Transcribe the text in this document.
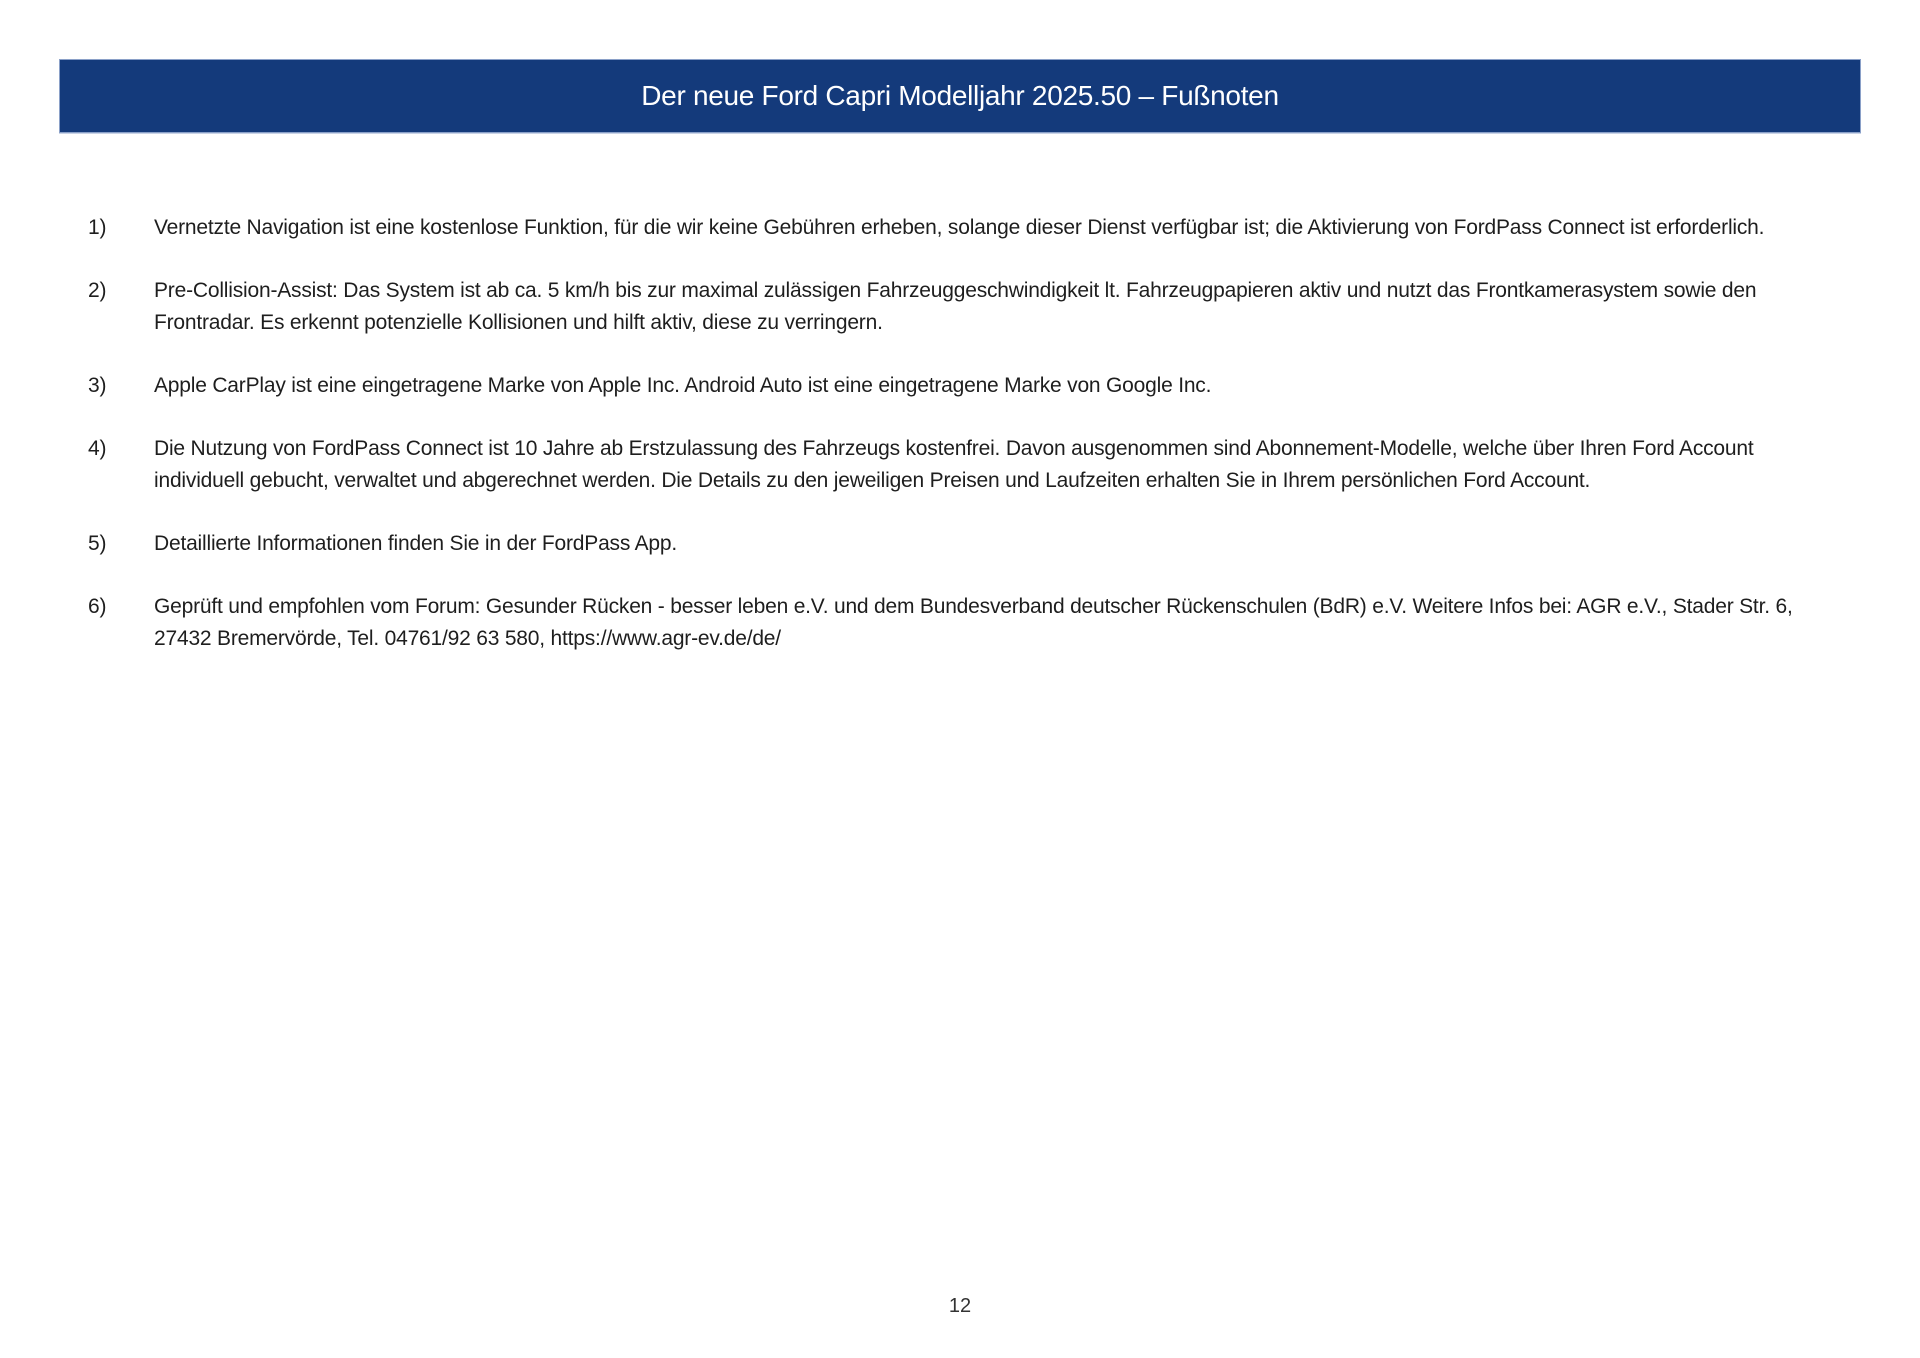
Der neue Ford Capri Modelljahr 2025.50 – Fußnoten
1)	Vernetzte Navigation ist eine kostenlose Funktion, für die wir keine Gebühren erheben, solange dieser Dienst verfügbar ist; die Aktivierung von FordPass Connect ist erforderlich.
2)	Pre-Collision-Assist: Das System ist ab ca. 5 km/h bis zur maximal zulässigen Fahrzeuggeschwindigkeit lt. Fahrzeugpapieren aktiv und nutzt das Frontkamerasystem sowie den Frontradar. Es erkennt potenzielle Kollisionen und hilft aktiv, diese zu verringern.
3)	Apple CarPlay ist eine eingetragene Marke von Apple Inc. Android Auto ist eine eingetragene Marke von Google Inc.
4)	Die Nutzung von FordPass Connect ist 10 Jahre ab Erstzulassung des Fahrzeugs kostenfrei. Davon ausgenommen sind Abonnement-Modelle, welche über Ihren Ford Account individuell gebucht, verwaltet und abgerechnet werden. Die Details zu den jeweiligen Preisen und Laufzeiten erhalten Sie in Ihrem persönlichen Ford Account.
5)	Detaillierte Informationen finden Sie in der FordPass App.
6)	Geprüft und empfohlen vom Forum: Gesunder Rücken - besser leben e.V. und dem Bundesverband deutscher Rückenschulen (BdR) e.V. Weitere Infos bei: AGR e.V., Stader Str. 6, 27432 Bremervörde, Tel. 04761/92 63 580, https://www.agr-ev.de/de/
12
